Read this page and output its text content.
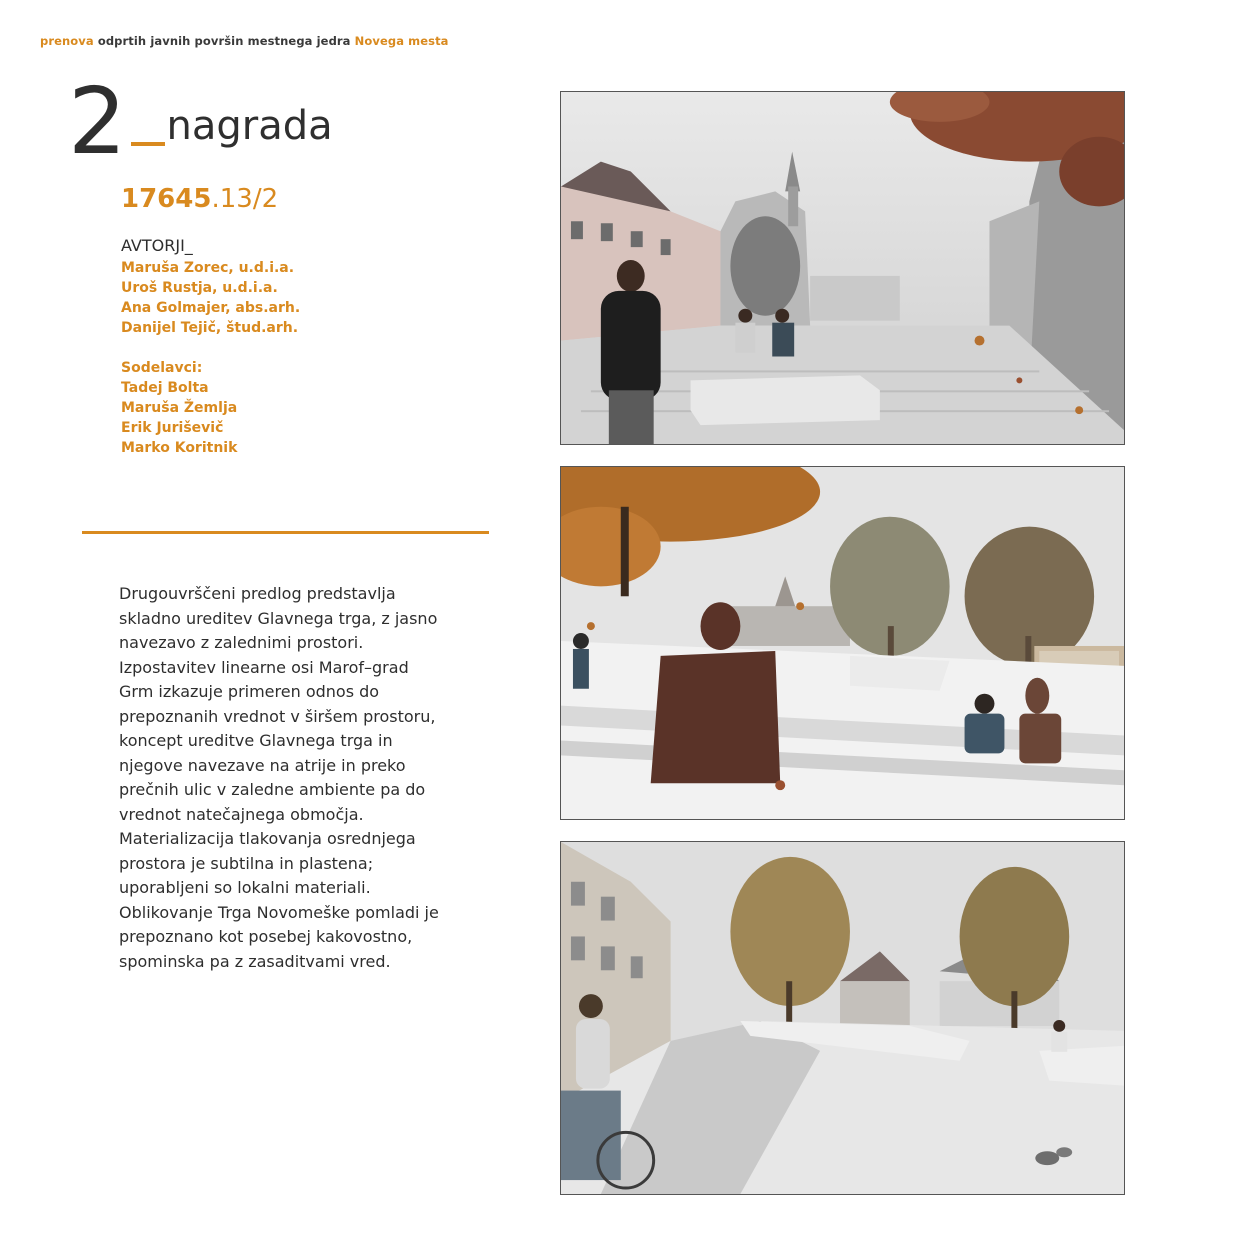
prenova odprtih javnih površin mestnega jedra Novega mesta
2 nagrada
17645.13/2
AVTORJI_
Maruša Zorec, u.d.i.a.
Uroš Rustja, u.d.i.a.
Ana Golmajer, abs.arh.
Danijel Tejič, štud.arh.
Sodelavci:
Tadej Bolta
Maruša Žemlja
Erik Juriševič
Marko Koritnik
Drugouvrščeni predlog predstavlja
skladno ureditev Glavnega trga, z jasno
navezavo z zalednimi prostori.
Izpostavitev linearne osi Marof–grad
Grm izkazuje primeren odnos do
prepoznanih vrednot v širšem prostoru,
koncept ureditve Glavnega trga in
njegove navezave na atrije in preko
prečnih ulic v zaledne ambiente pa do
vrednot natečajnega območja.
Materializacija tlakovanja osrednjega
prostora je subtilna in plastena;
uporabljeni so lokalni materiali.
Oblikovanje Trga Novomeške pomladi je
prepoznano kot posebej kakovostno,
spominska pa z zasaditvami vred.
